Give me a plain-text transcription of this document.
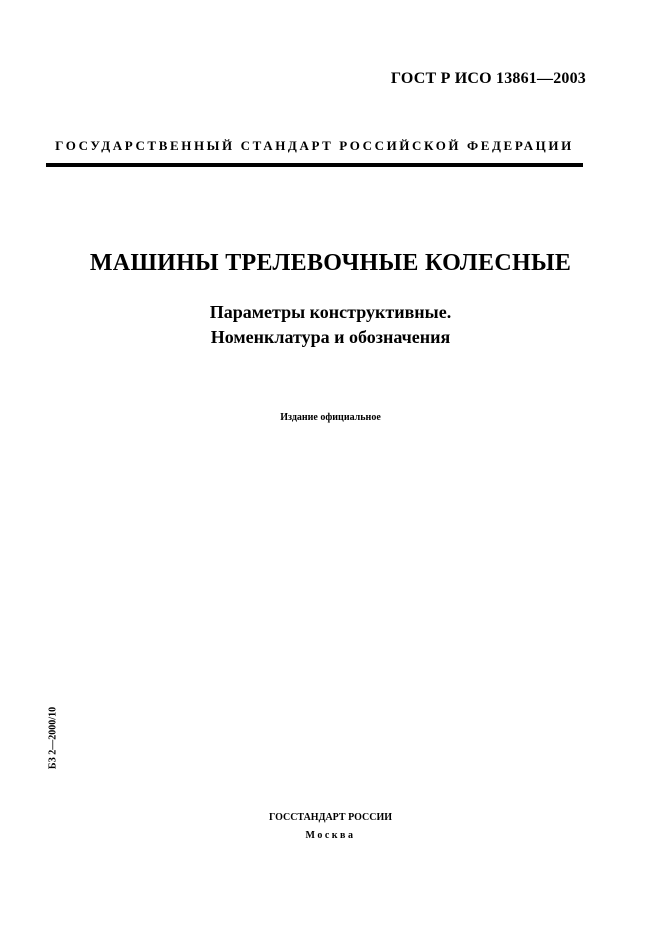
ГОСТ Р ИСО 13861—2003
ГОСУДАРСТВЕННЫЙ СТАНДАРТ РОССИЙСКОЙ ФЕДЕРАЦИИ
МАШИНЫ ТРЕЛЕВОЧНЫЕ КОЛЕСНЫЕ
Параметры конструктивные.
Номенклатура и обозначения
Издание официальное
БЗ 2—2000/10
ГОССТАНДАРТ РОССИИ
Москва
